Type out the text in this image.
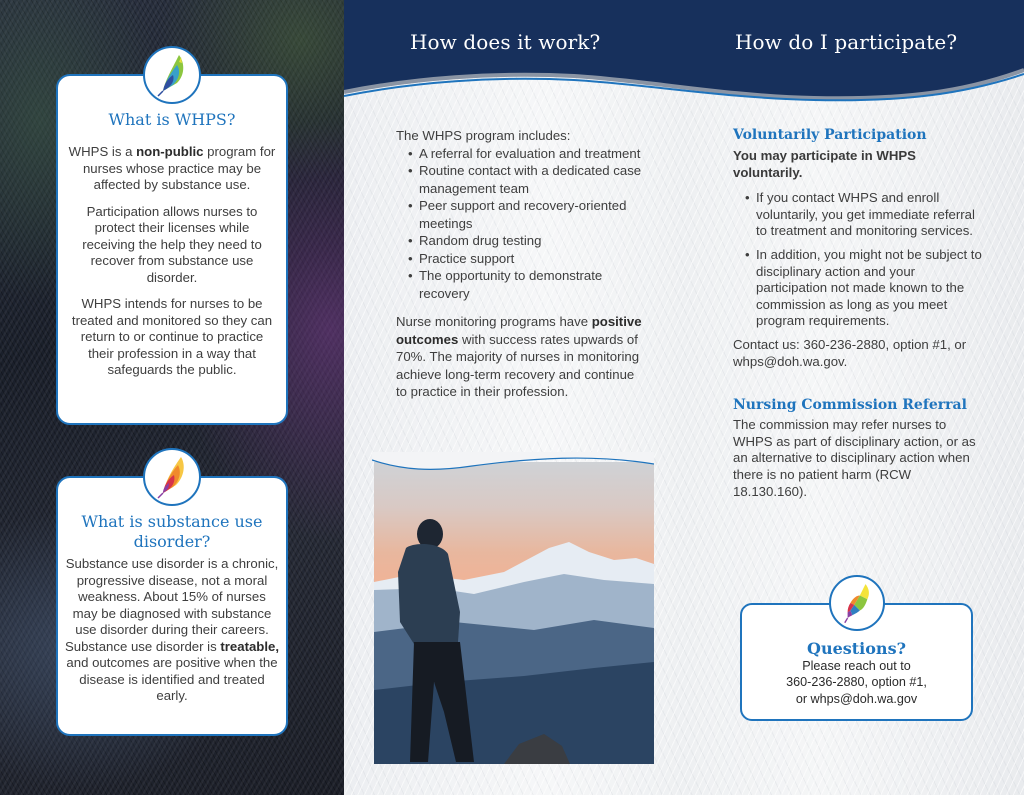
What is WHPS?

WHPS is a non-public program for nurses whose practice may be affected by substance use.

Participation allows nurses to protect their licenses while receiving the help they need to recover from substance use disorder.

WHPS intends for nurses to be treated and monitored so they can return to or continue to practice their profession in a way that safeguards the public.

What is substance use disorder?

Substance use disorder is a chronic, progressive disease, not a moral weakness. About 15% of nurses may be diagnosed with substance use disorder during their careers. Substance use disorder is treatable, and outcomes are positive when the disease is identified and treated early.

How does it work?	How do I participate?

The WHPS program includes:

• A referral for evaluation and treatment
• Routine contact with a dedicated case management team
• Peer support and recovery-oriented meetings
• Random drug testing
• Practice support
• The opportunity to demonstrate recovery

Nurse monitoring programs have positive outcomes with success rates upwards of 70%. The majority of nurses in monitoring achieve long-term recovery and continue to practice in their profession.

Voluntarily Participation

You may participate in WHPS voluntarily.

• If you contact WHPS and enroll voluntarily, you get immediate referral to treatment and monitoring services.
• In addition, you might not be subject to disciplinary action and your participation not made known to the commission as long as you meet program requirements.

Contact us: 360-236-2880, option #1, or whps@doh.wa.gov.

Nursing Commission Referral

The commission may refer nurses to WHPS as part of disciplinary action, or as an alternative to disciplinary action when there is no patient harm (RCW 18.130.160).

Questions?

Please reach out to

360-236-2880, option #1,

or whps@doh.wa.gov
